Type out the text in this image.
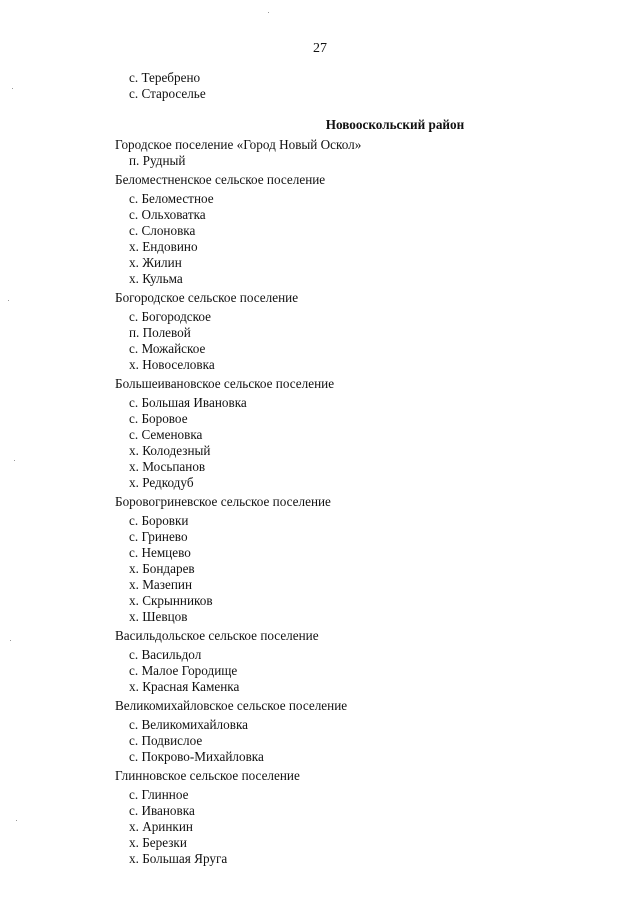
27
с. Теребрено
с. Староселье
Новооскольский район
Городское поселение «Город Новый Оскол»
п. Рудный
Беломестненское сельское поселение
с. Беломестное
с. Ольховатка
с. Слоновка
х. Ендовино
х. Жилин
х. Кульма
Богородское сельское поселение
с. Богородское
п. Полевой
с. Можайское
х. Новоселовка
Большеивановское сельское поселение
с. Большая Ивановка
с. Боровое
с. Семеновка
х. Колодезный
х. Мосьпанов
х. Редкодуб
Боровогриневское сельское поселение
с. Боровки
с. Гринево
с. Немцево
х. Бондарев
х. Мазепин
х. Скрынников
х. Шевцов
Васильдольское сельское поселение
с. Васильдол
с. Малое Городище
х. Красная Каменка
Великомихайловское сельское поселение
с. Великомихайловка
с. Подвислое
с. Покрово-Михайловка
Глинновское сельское поселение
с. Глинное
с. Ивановка
х. Аринкин
х. Березки
х. Большая Яруга
